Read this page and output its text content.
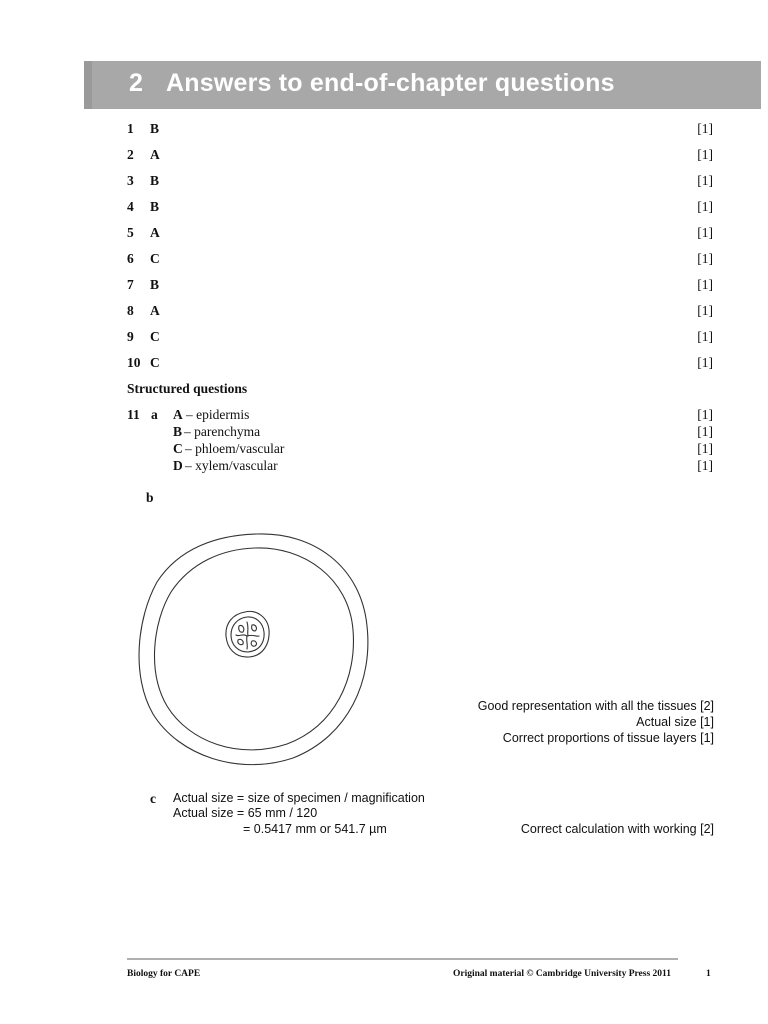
2 Answers to end-of-chapter questions
1 B	[1]
2 A	[1]
3 B	[1]
4 B	[1]
5 A	[1]
6 C	[1]
7 B	[1]
8 A	[1]
9 C	[1]
10 C	[1]
Structured questions
11 a A – epidermis	[1]
B – parenchyma	[1]
C – phloem/vascular	[1]
D – xylem/vascular	[1]
b
Good representation with all the tissues [2]
Actual size [1]
Correct proportions of tissue layers [1]
c Actual size = size of specimen / magnification
Actual size = 65 mm / 120
= 0.5417 mm or 541.7 µm	Correct calculation with working [2]
Biology for CAPE	Original material © Cambridge University Press 2011	1
